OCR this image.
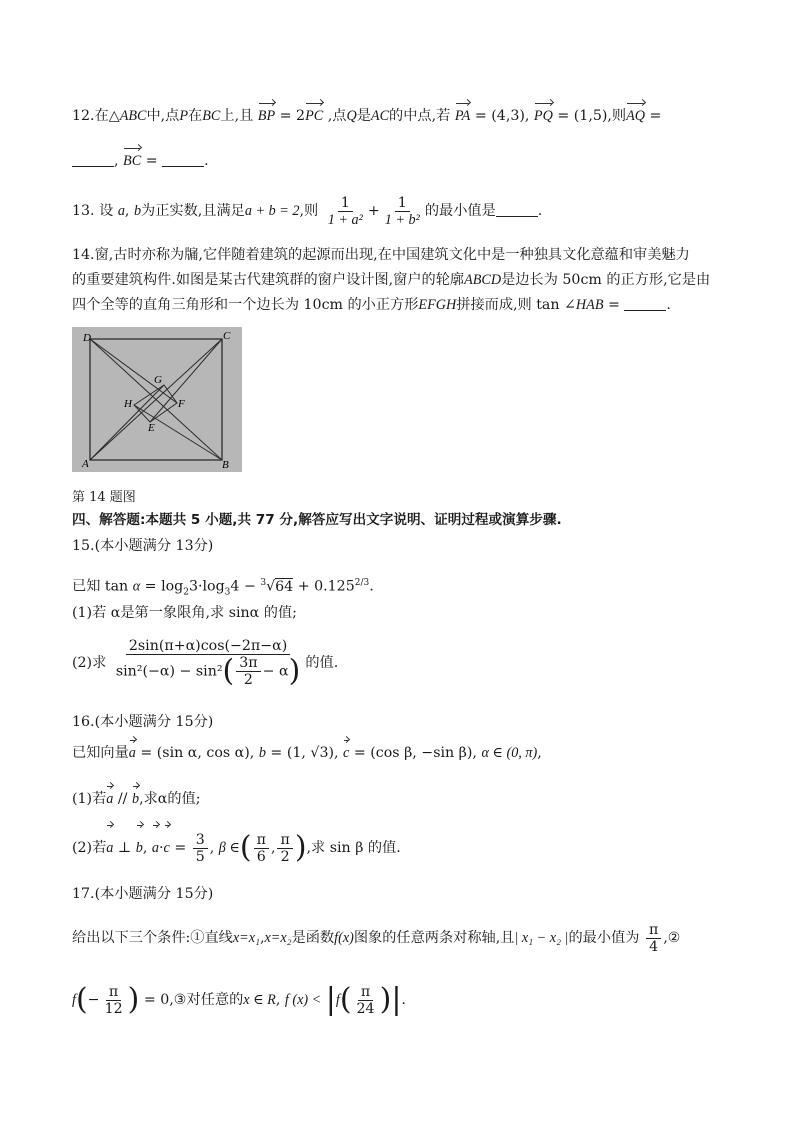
12.在△ABC中,点P在BC上,且 BP = 2PC ,点Q是AC的中点,若 PA = (4,3), PQ = (1,5),则AQ =
, BC =	.
13. 设 a, b为正实数,且满足a + b = 2,则 $\frac{1}{\text{1 + a²}} + \frac{1}{\text{1 + b²}}$ 的最小值是	.
14.窗,古时亦称为牖,它伴随着建筑的起源而出现,在中国建筑文化中是一种独具文化意蕴和审美魅力
的重要建筑构件.如图是某古代建筑群的窗户设计图,窗户的轮廓ABCD是边长为 50cm 的正方形,它是由
四个全等的直角三角形和一个边长为 10cm 的小正方形EFGH拼接而成,则 tan ∠HAB =	.
D	C
A	B
G
H	F
E
第 14 题图
四、解答题:本题共 5 小题,共 77 分,解答应写出文字说明、证明过程或演算步骤.
15.(本小题满分 13分)
已知 $\tan \alpha = \log_23\cdot\log_34 - ^3√64 + 0.125^{2/3}$.
(1)若 α是第一象限角,求 sinα 的值;
(2)求 $\frac{2\sin(\pi+\alpha)\cos(-2\pi-\alpha)}{\sin^2(-\alpha) - \sin^2( \frac{3\pi}{2} - \alpha)}$ 的值.
16.(本小题满分 15分)
已知向量a = (sin α, cos α), b = (1, √3), c = (cos β, −sin β), α ∈ (0, π),
(1)若a // b,求α的值;
(2)若a ⊥ b, $a\cdot c = \frac{3}{5}$ , β ∈( $\frac{\pi}{6}$ , $\frac{\pi}{2}$ ),求 sin β 的值.
17.(本小题满分 15分)
给出以下三个条件:①直线x=x₁,x=x₂是函数f(x)图象的任意两条对称轴,且| x₁ − x₂ |的最小值为 $\frac{\pi}{4}$ ,②
$f(- \frac{\pi}{12}$ ) = 0,③对任意的x ∈ R, f $(x) < |f( \frac{\pi}{24}$ )|.
